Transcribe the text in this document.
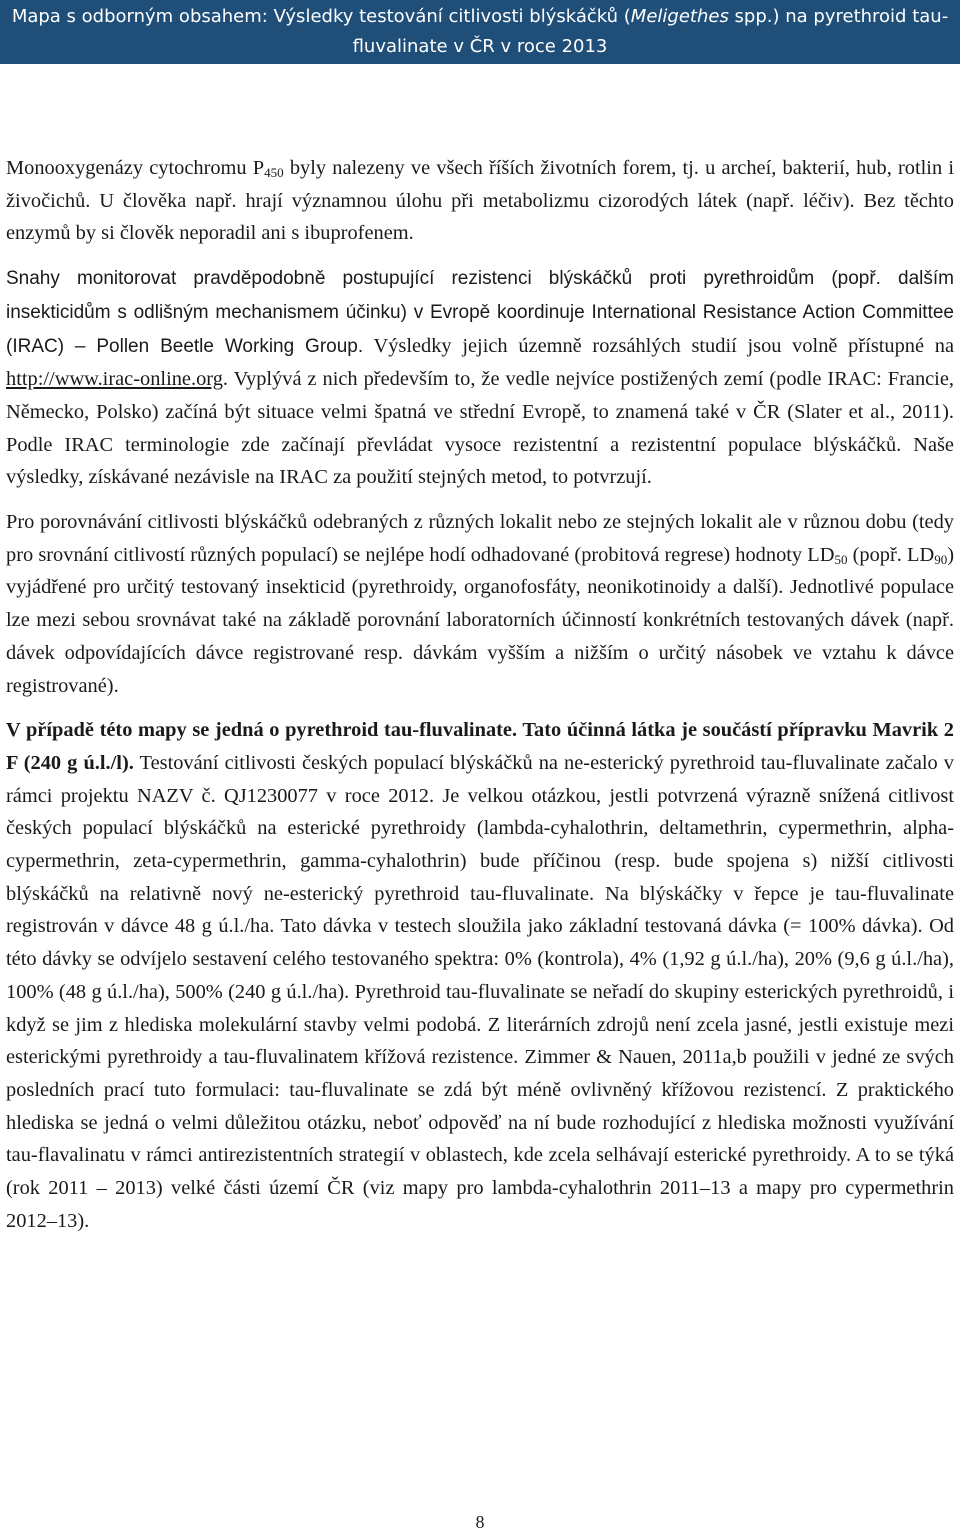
Mapa s odborným obsahem: Výsledky testování citlivosti blýskáčků (Meligethes spp.) na pyrethroid tau-
fluvalinate v ČR v roce 2013

Monooxygenázy cytochromu $P_{450}$ byly nalezeny ve všech říších životních forem, tj. u archeí, bakterií, hub, rotlin i živočichů. U člověka např. hrají významnou úlohu při metabolizmu cizorodých látek (např. léčiv). Bez těchto enzymů by si člověk neporadil ani s ibuprofenem.

Snahy monitorovat pravděpodobně postupující rezistenci blýskáčků proti pyrethroidům (popř. dalším insekticidům s odlišným mechanismem účinku) v Evropě koordinuje International Resistance Action Committee (IRAC) – Pollen Beetle Working Group. Výsledky jejich územně rozsáhlých studií jsou volně přístupné na http://www.irac-online.org. Vyplývá z nich především to, že vedle nejvíce postižených zemí (podle IRAC: Francie, Německo, Polsko) začíná být situace velmi špatná ve střední Evropě, to znamená také v ČR (Slater et al., 2011). Podle IRAC terminologie zde začínají převládat vysoce rezistentní a rezistentní populace blýskáčků. Naše výsledky, získávané nezávisle na IRAC za použití stejných metod, to potvrzují.

Pro porovnávání citlivosti blýskáčků odebraných z různých lokalit nebo ze stejných lokalit ale v různou dobu (tedy pro srovnání citlivostí různých populací) se nejlépe hodí odhadované (probitová regrese) hodnoty $LD_{50}$ (popř. $LD_{90}$) vyjádřené pro určitý testovaný insekticid (pyrethroidy, organofosfáty, neonikotinoidy a další). Jednotlivé populace lze mezi sebou srovnávat také na základě porovnání laboratorních účinností konkrétních testovaných dávek (např. dávek odpovídajících dávce registrované resp. dávkám vyšším a nižším o určitý násobek ve vztahu k dávce registrované).

V případě této mapy se jedná o pyrethroid tau-fluvalinate. Tato účinná látka je součástí přípravku Mavrik 2 F (240 g ú.l./l). Testování citlivosti českých populací blýskáčků na ne-esterický pyrethroid tau-fluvalinate začalo v rámci projektu NAZV č. QJ1230077 v roce 2012. Je velkou otázkou, jestli potvrzená výrazně snížená citlivost českých populací blýskáčků na esterické pyrethroidy (lambda-cyhalothrin, deltamethrin, cypermethrin, alpha-cypermethrin, zeta-cypermethrin, gamma-cyhalothrin) bude příčinou (resp. bude spojena s) nižší citlivosti blýskáčků na relativně nový ne-esterický pyrethroid tau-fluvalinate. Na blýskáčky v řepce je tau-fluvalinate registrován v dávce 48 g ú.l./ha. Tato dávka v testech sloužila jako základní testovaná dávka (= 100% dávka). Od této dávky se odvíjelo sestavení celého testovaného spektra: 0% (kontrola), 4% (1,92 g ú.l./ha), 20% (9,6 g ú.l./ha), 100% (48 g ú.l./ha), 500% (240 g ú.l./ha). Pyrethroid tau-fluvalinate se neřadí do skupiny esterických pyrethroidů, i když se jim z hlediska molekulární stavby velmi podobá. Z literárních zdrojů není zcela jasné, jestli existuje mezi esterickými pyrethroidy a tau-fluvalinatem křížová rezistence. Zimmer & Nauen, 2011a,b použili v jedné ze svých posledních prací tuto formulaci: tau-fluvalinate se zdá být méně ovlivněný křížovou rezistencí. Z praktického hlediska se jedná o velmi důležitou otázku, neboť odpověď na ní bude rozhodující z hlediska možnosti využívání tau-flavalinatu v rámci antirezistentních strategií v oblastech, kde zcela selhávají esterické pyrethroidy. A to se týká (rok 2011 – 2013) velké části území ČR (viz mapy pro lambda-cyhalothrin 2011–13 a mapy pro cypermethrin 2012–13).

8
